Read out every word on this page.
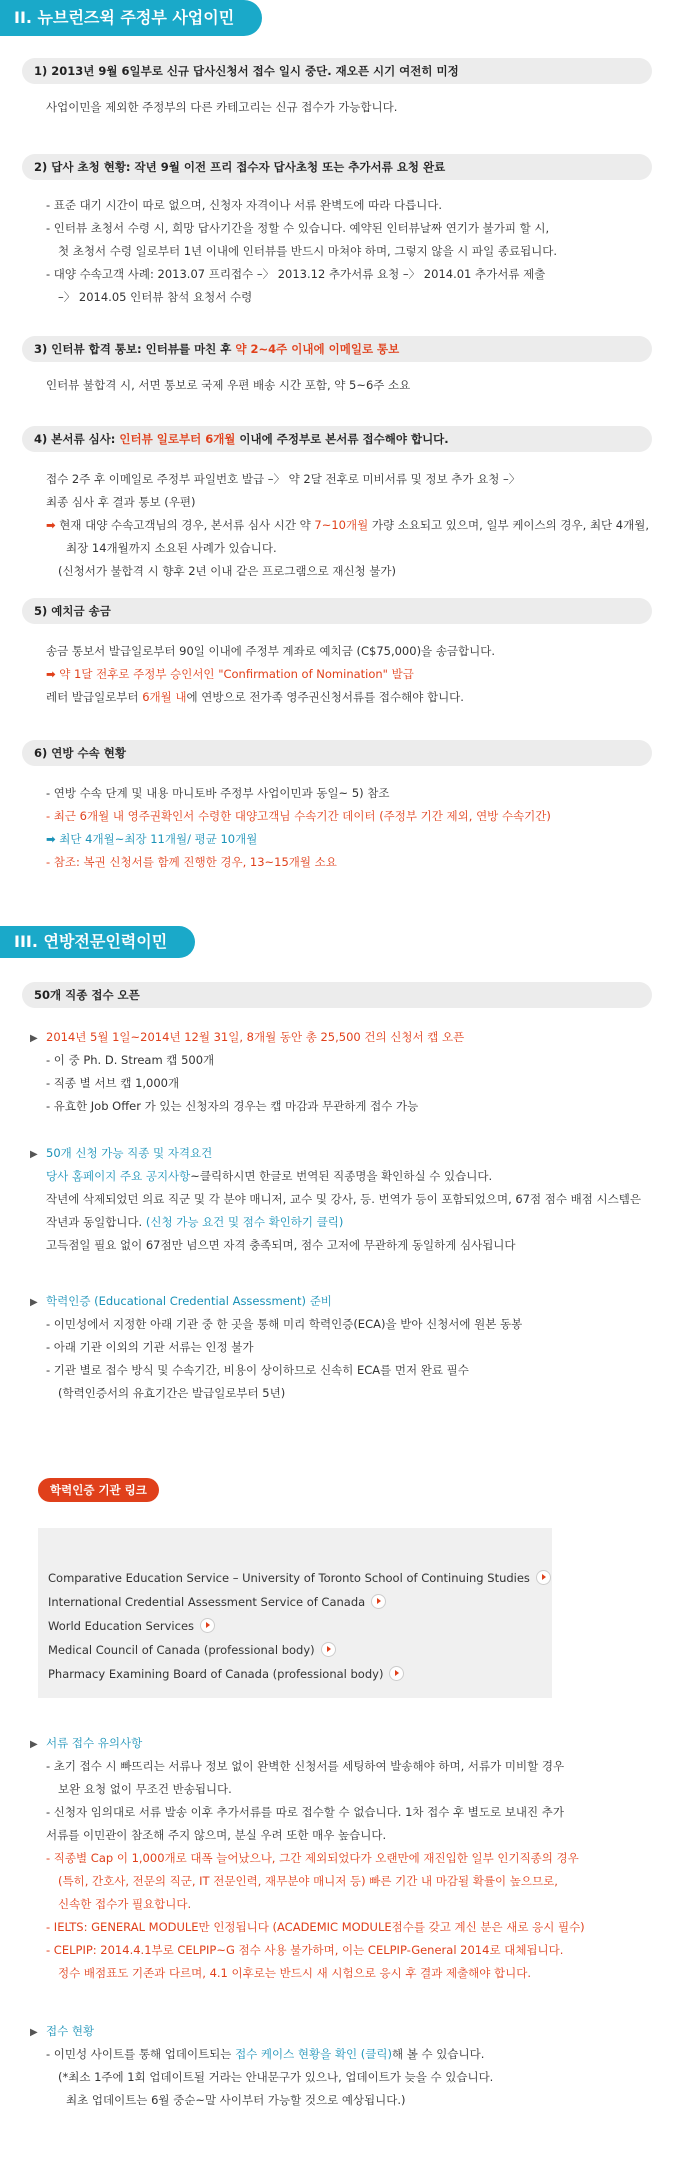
II. 뉴브런즈윅 주정부 사업이민
1) 2013년 9월 6일부로 신규 답사신청서 접수 일시 중단. 재오픈 시기 여전히 미정
사업이민을 제외한 주정부의 다른 카테고리는 신규 접수가 가능합니다.
2) 답사 초청 현황: 작년 9월 이전 프리 접수자 답사초청 또는 추가서류 요청 완료
- 표준 대기 시간이 따로 없으며, 신청자 자격이나 서류 완벽도에 따라 다릅니다.
- 인터뷰 초청서 수령 시, 희망 답사기간을 정할 수 있습니다. 예약된 인터뷰날짜 연기가 불가피 할 시,
첫 초청서 수령 일로부터 1년 이내에 인터뷰를 반드시 마쳐야 하며, 그렇지 않을 시 파일 종료됩니다.
- 대양 수속고객 사례: 2013.07 프리접수 –〉 2013.12 추가서류 요청 –〉 2014.01 추가서류 제출
–〉 2014.05 인터뷰 참석 요청서 수령
3) 인터뷰 합격 통보: 인터뷰를 마친 후 약 2~4주 이내에 이메일로 통보
인터뷰 불합격 시, 서면 통보로 국제 우편 배송 시간 포함, 약 5~6주 소요
4) 본서류 심사: 인터뷰 일로부터 6개월 이내에 주정부로 본서류 접수해야 합니다.
접수 2주 후 이메일로 주정부 파일번호 발급 –〉 약 2달 전후로 미비서류 및 정보 추가 요청 –〉
최종 심사 후 결과 통보 (우편)
➡ 현재 대양 수속고객님의 경우, 본서류 심사 시간 약 7~10개월 가량 소요되고 있으며, 일부 케이스의 경우, 최단 4개월,
최장 14개월까지 소요된 사례가 있습니다.
(신청서가 불합격 시 향후 2년 이내 같은 프로그램으로 재신청 불가)
5) 예치금 송금
송금 통보서 발급일로부터 90일 이내에 주정부 계좌로 예치금 (C$75,000)을 송금합니다.
➡ 약 1달 전후로 주정부 승인서인 "Confirmation of Nomination" 발급
레터 발급일로부터 6개월 내에 연방으로 전가족 영주권신청서류를 접수해야 합니다.
6) 연방 수속 현황
- 연방 수속 단계 및 내용 마니토바 주정부 사업이민과 동일~ 5) 참조
- 최근 6개월 내 영주권확인서 수령한 대양고객님 수속기간 데이터 (주정부 기간 제외, 연방 수속기간)
➡ 최단 4개월~최장 11개월/ 평균 10개월
- 참조: 복권 신청서를 함께 진행한 경우, 13~15개월 소요
III. 연방전문인력이민
50개 직종 접수 오픈
▶ 2014년 5월 1일~2014년 12월 31일, 8개월 동안 총 25,500 건의 신청서 캡 오픈
- 이 중 Ph. D. Stream 캡 500개
- 직종 별 서브 캡 1,000개
- 유효한 Job Offer 가 있는 신청자의 경우는 캡 마감과 무관하게 접수 가능
▶ 50개 신청 가능 직종 및 자격요건
당사 홈페이지 주요 공지사항~클릭하시면 한글로 번역된 직종명을 확인하실 수 있습니다.
작년에 삭제되었던 의료 직군 및 각 분야 매니저, 교수 및 강사, 등. 번역가 등이 포함되었으며, 67점 점수 배점 시스템은
작년과 동일합니다. (신청 가능 요건 및 점수 확인하기 클릭)
고득점일 필요 없이 67점만 넘으면 자격 충족되며, 점수 고저에 무관하게 동일하게 심사됩니다
▶ 학력인증 (Educational Credential Assessment) 준비
- 이민성에서 지정한 아래 기관 중 한 곳을 통해 미리 학력인증(ECA)을 받아 신청서에 원본 동봉
- 아래 기관 이외의 기관 서류는 인정 불가
- 기관 별로 접수 방식 및 수속기간, 비용이 상이하므로 신속히 ECA를 먼저 완료 필수
(학력인증서의 유효기간은 발급일로부터 5년)
학력인증 기관 링크
Comparative Education Service – University of Toronto School of Continuing Studies
International Credential Assessment Service of Canada
World Education Services
Medical Council of Canada (professional body)
Pharmacy Examining Board of Canada (professional body)
▶ 서류 접수 유의사항
- 초기 접수 시 빠뜨리는 서류나 정보 없이 완벽한 신청서를 세팅하여 발송해야 하며, 서류가 미비할 경우
보완 요청 없이 무조건 반송됩니다.
- 신청자 임의대로 서류 발송 이후 추가서류를 따로 접수할 수 없습니다. 1차 접수 후 별도로 보내진 추가
서류를 이민관이 참조해 주지 않으며, 분실 우려 또한 매우 높습니다.
- 직종별 Cap 이 1,000개로 대폭 늘어났으나, 그간 제외되었다가 오랜만에 재진입한 일부 인기직종의 경우
(특히, 간호사, 전문의 직군, IT 전문인력, 재무분야 매니저 등) 빠른 기간 내 마감될 확률이 높으므로,
신속한 접수가 필요합니다.
- IELTS: GENERAL MODULE만 인정됩니다 (ACADEMIC MODULE점수를 갖고 계신 분은 새로 응시 필수)
- CELPIP: 2014.4.1부로 CELPIP~G 점수 사용 불가하며, 이는 CELPIP-General 2014로 대체됩니다.
정수 배점표도 기존과 다르며, 4.1 이후로는 반드시 새 시험으로 응시 후 결과 제출해야 합니다.
▶ 접수 현황
- 이민성 사이트를 통해 업데이트되는 접수 케이스 현황을 확인 (클릭)해 볼 수 있습니다.
(*최소 1주에 1회 업데이트될 거라는 안내문구가 있으나, 업데이트가 늦을 수 있습니다.
최초 업데이트는 6월 중순~말 사이부터 가능할 것으로 예상됩니다.)
